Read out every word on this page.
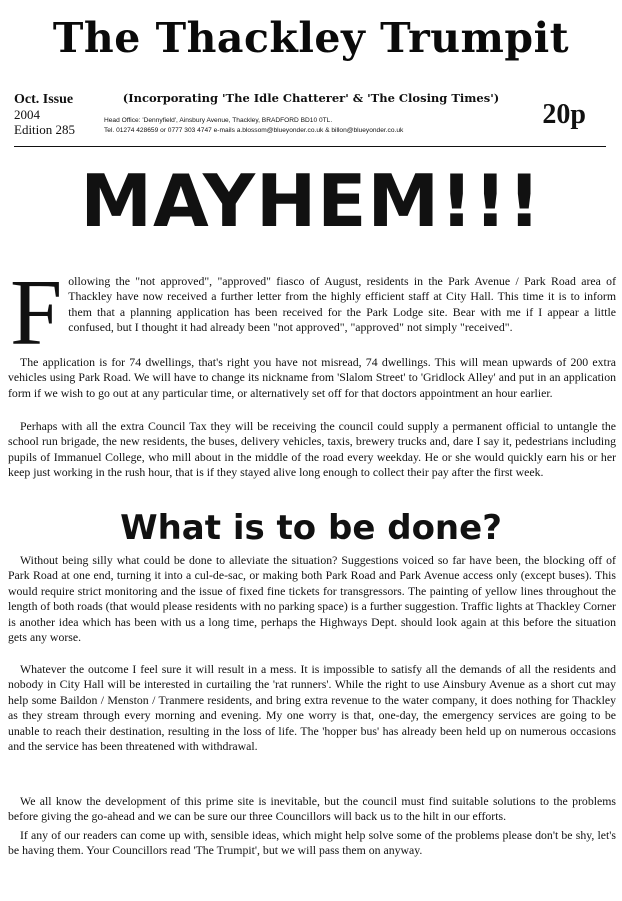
The Thackley Trumpit
Oct. Issue
2004
Edition 285
(Incorporating 'The Idle Chatterer' & 'The Closing Times')
Head Office: 'Dennyfield', Ainsbury Avenue, Thackley, BRADFORD BD10 0TL.
Tel. 01274 428659 or 0777 303 4747 e-mails a.blossom@blueyonder.co.uk & billon@blueyonder.co.uk
20p
MAYHEM!!!

Following the "not approved", "approved" fiasco of August, residents in the Park Avenue / Park Road area of Thackley have now received a further letter from the highly efficient staff at City Hall. This time it is to inform them that a planning application has been received for the Park Lodge site. Bear with me if I appear a little confused, but I thought it had already been "not approved", "approved" not simply "received".

The application is for 74 dwellings, that's right you have not misread, 74 dwellings. This will mean upwards of 200 extra vehicles using Park Road. We will have to change its nickname from 'Slalom Street' to 'Gridlock Alley' and put in an application form if we wish to go out at any particular time, or alternatively set off for that doctors appointment an hour earlier.

Perhaps with all the extra Council Tax they will be receiving the council could supply a permanent official to untangle the school run brigade, the new residents, the buses, delivery vehicles, taxis, brewery trucks and, dare I say it, pedestrians including pupils of Immanuel College, who mill about in the middle of the road every weekday. He or she would quickly earn his or her keep just working in the rush hour, that is if they stayed alive long enough to collect their pay after the first week.

What is to be done?

Without being silly what could be done to alleviate the situation? Suggestions voiced so far have been, the blocking off of Park Road at one end, turning it into a cul-de-sac, or making both Park Road and Park Avenue access only (except buses). This would require strict monitoring and the issue of fixed fine tickets for transgressors. The painting of yellow lines throughout the length of both roads (that would please residents with no parking space) is a further suggestion. Traffic lights at Thackley Corner is another idea which has been with us a long time, perhaps the Highways Dept. should look again at this before the situation gets any worse.

Whatever the outcome I feel sure it will result in a mess. It is impossible to satisfy all the demands of all the residents and nobody in City Hall will be interested in curtailing the 'rat runners'. While the right to use Ainsbury Avenue as a short cut may help some Baildon / Menston / Tranmere residents, and bring extra revenue to the water company, it does nothing for Thackley as they stream through every morning and evening. My one worry is that, one-day, the emergency services are going to be unable to reach their destination, resulting in the loss of life. The 'hopper bus' has already been held up on numerous occasions and the service has been threatened with withdrawal.

We all know the development of this prime site is inevitable, but the council must find suitable solutions to the problems before giving the go-ahead and we can be sure our three Councillors will back us to the hilt in our efforts.

If any of our readers can come up with, sensible ideas, which might help solve some of the problems please don't be shy, let's be having them. Your Councillors read 'The Trumpit', but we will pass them on anyway.
